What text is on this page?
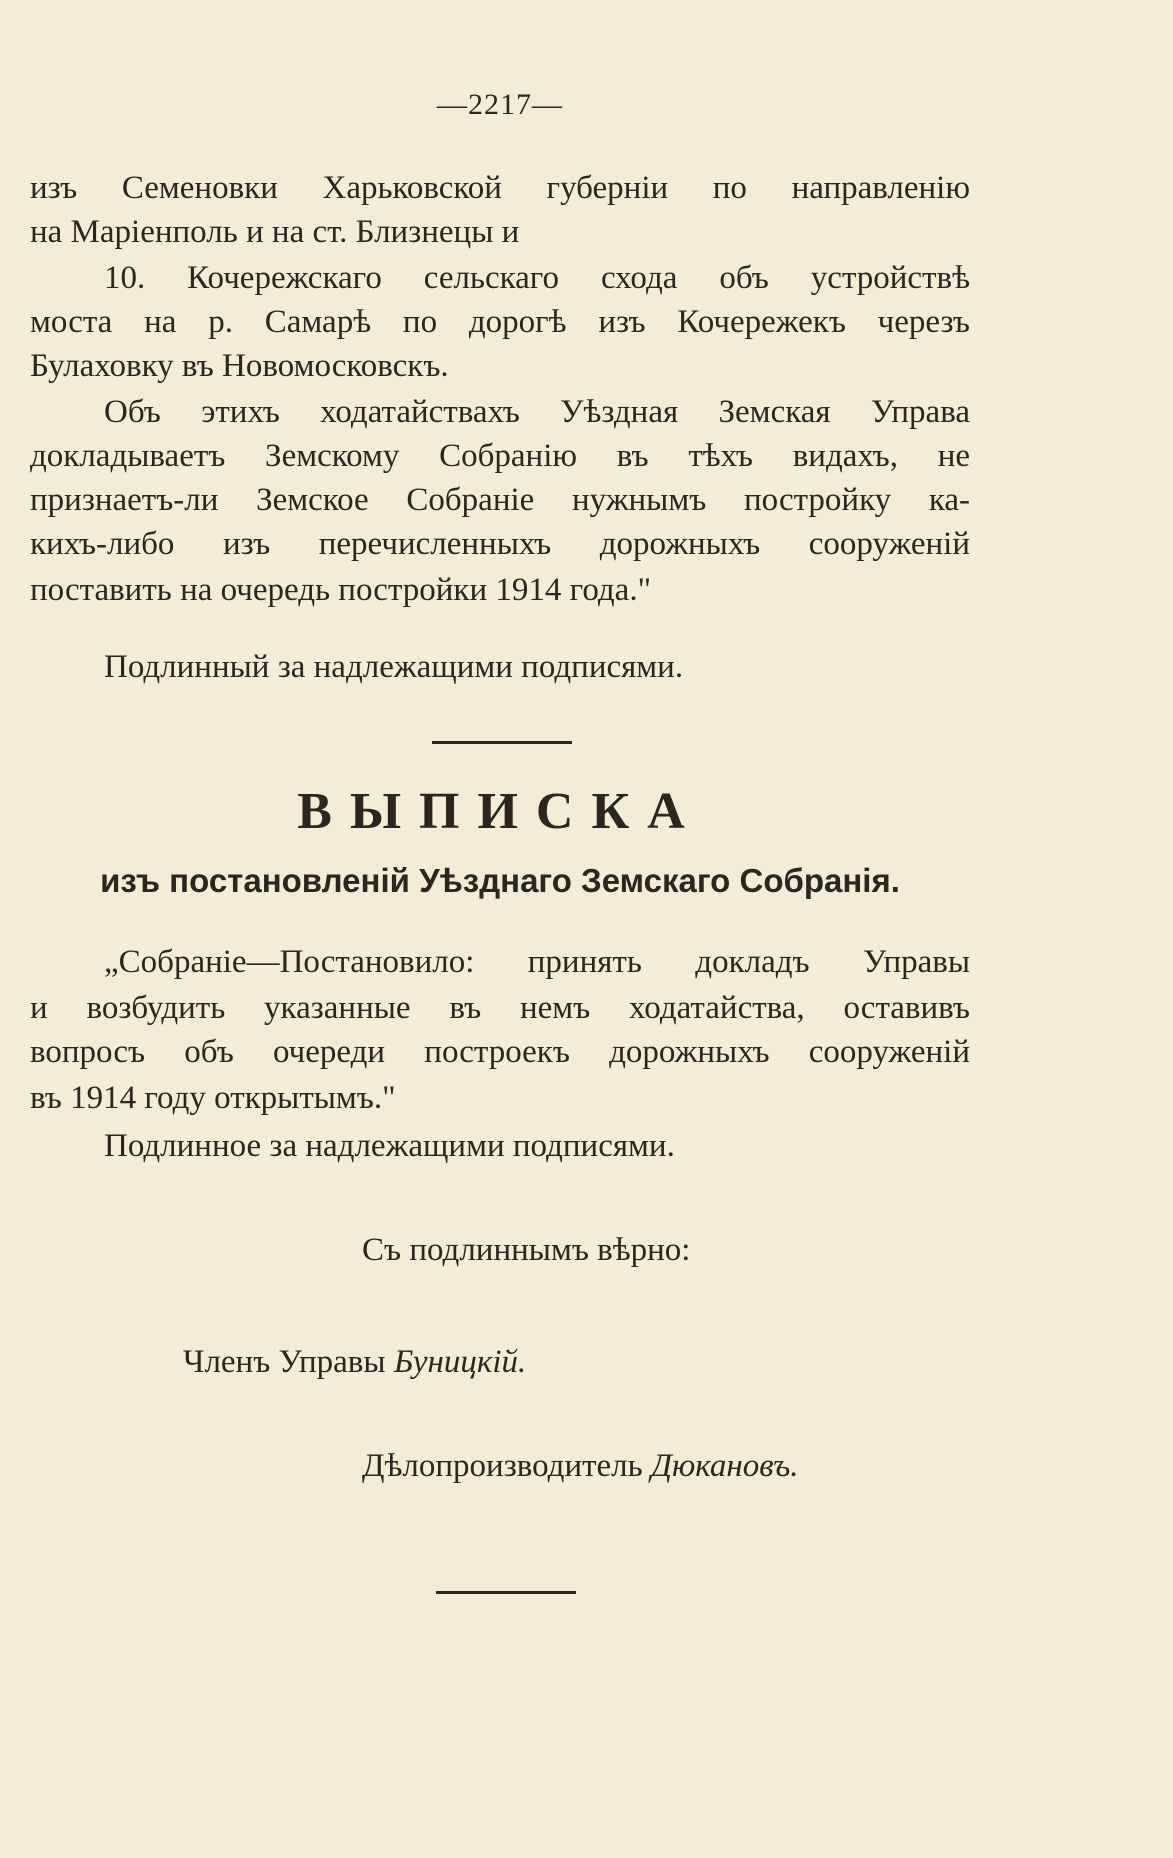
—2217—
изъ Семеновки Харьковской губерніи по направленію
на Маріенполь и на ст. Близнецы и
10. Кочережскаго сельскаго схода объ устройствѣ
моста на р. Самарѣ по дорогѣ изъ Кочережекъ черезъ
Булаховку въ Новомосковскъ.
Объ этихъ ходатайствахъ Уѣздная Земская Управа
докладываетъ Земскому Собранію въ тѣхъ видахъ, не
признаетъ-ли Земское Собраніе нужнымъ постройку ка-
кихъ-либо изъ перечисленныхъ дорожныхъ сооруженій
поставить на очередь постройки 1914 года."
Подлинный за надлежащими подписями.
ВЫПИСКА
изъ постановленій Уѣзднаго Земскаго Собранія.
„Собраніе—Постановило: принять докладъ Управы
и возбудить указанные въ немъ ходатайства, оставивъ
вопросъ объ очереди построекъ дорожныхъ сооруженій
въ 1914 году открытымъ."
Подлинное за надлежащими подписями.
Съ подлиннымъ вѣрно:
Членъ Управы Буницкій.
Дѣлопроизводитель Дюкановъ.
